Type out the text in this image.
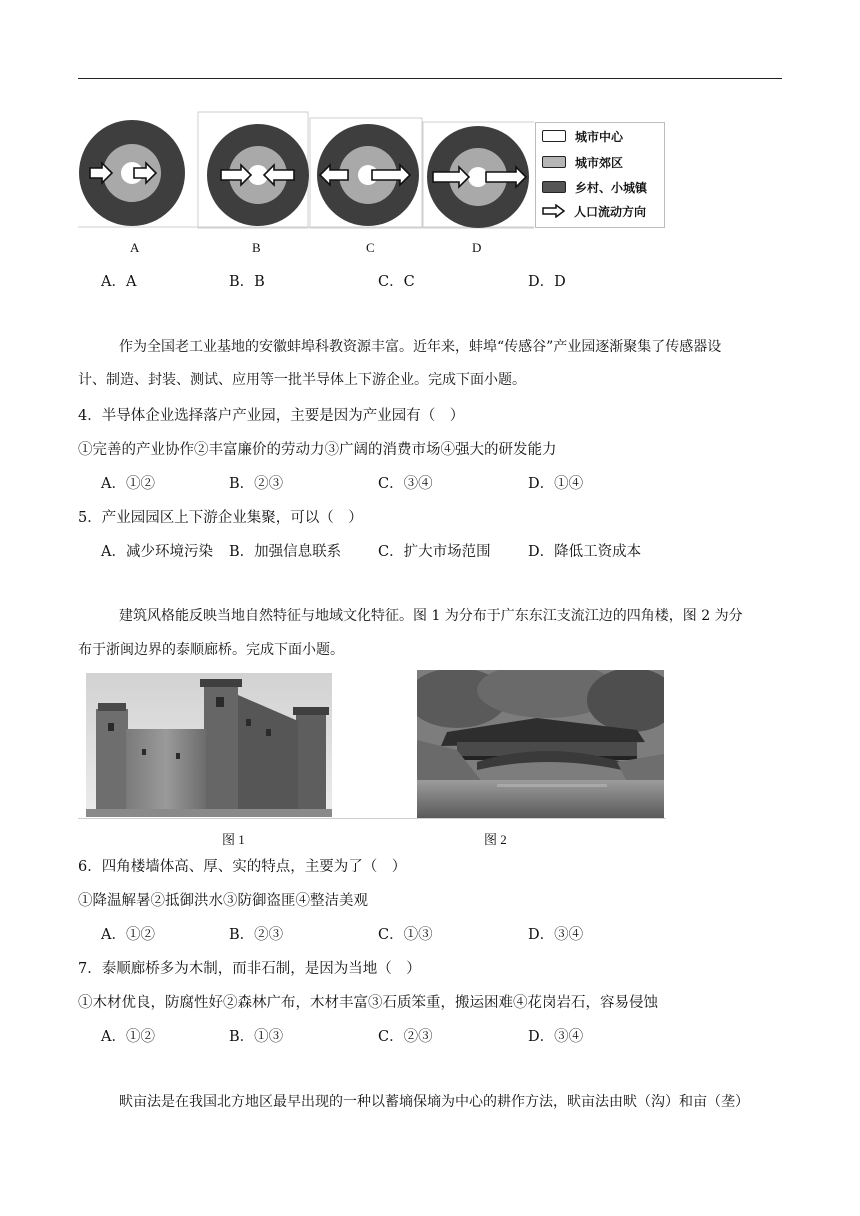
城市中心
城市郊区
乡村、小城镇
人口流动方向
A	B	C	D
A．A	B．B	C．C	D．D
作为全国老工业基地的安徽蚌埠科教资源丰富。近年来，蚌埠“传感谷”产业园逐渐聚集了传感器设
计、制造、封装、测试、应用等一批半导体上下游企业。完成下面小题。
4．半导体企业选择落户产业园，主要是因为产业园有（　）
①完善的产业协作②丰富廉价的劳动力③广阔的消费市场④强大的研发能力
A．①②	B．②③	C．③④	D．①④
5．产业园园区上下游企业集聚，可以（　）
A．减少环境污染 B．加强信息联系	C．扩大市场范围	D．降低工资成本
建筑风格能反映当地自然特征与地域文化特征。图 1 为分布于广东东江支流江边的四角楼，图 2 为分
布于浙闽边界的泰顺廊桥。完成下面小题。
图 1	图 2
6．四角楼墙体高、厚、实的特点，主要为了（　）
①降温解暑②抵御洪水③防御盗匪④整洁美观
A．①②	B．②③	C．①③	D．③④
7．泰顺廊桥多为木制，而非石制，是因为当地（　）
①木材优良，防腐性好②森林广布，木材丰富③石质笨重，搬运困难④花岗岩石，容易侵蚀
A．①②	B．①③	C．②③	D．③④
畎亩法是在我国北方地区最早出现的一种以蓄墒保墒为中心的耕作方法，畎亩法由畎（沟）和亩（垄）
